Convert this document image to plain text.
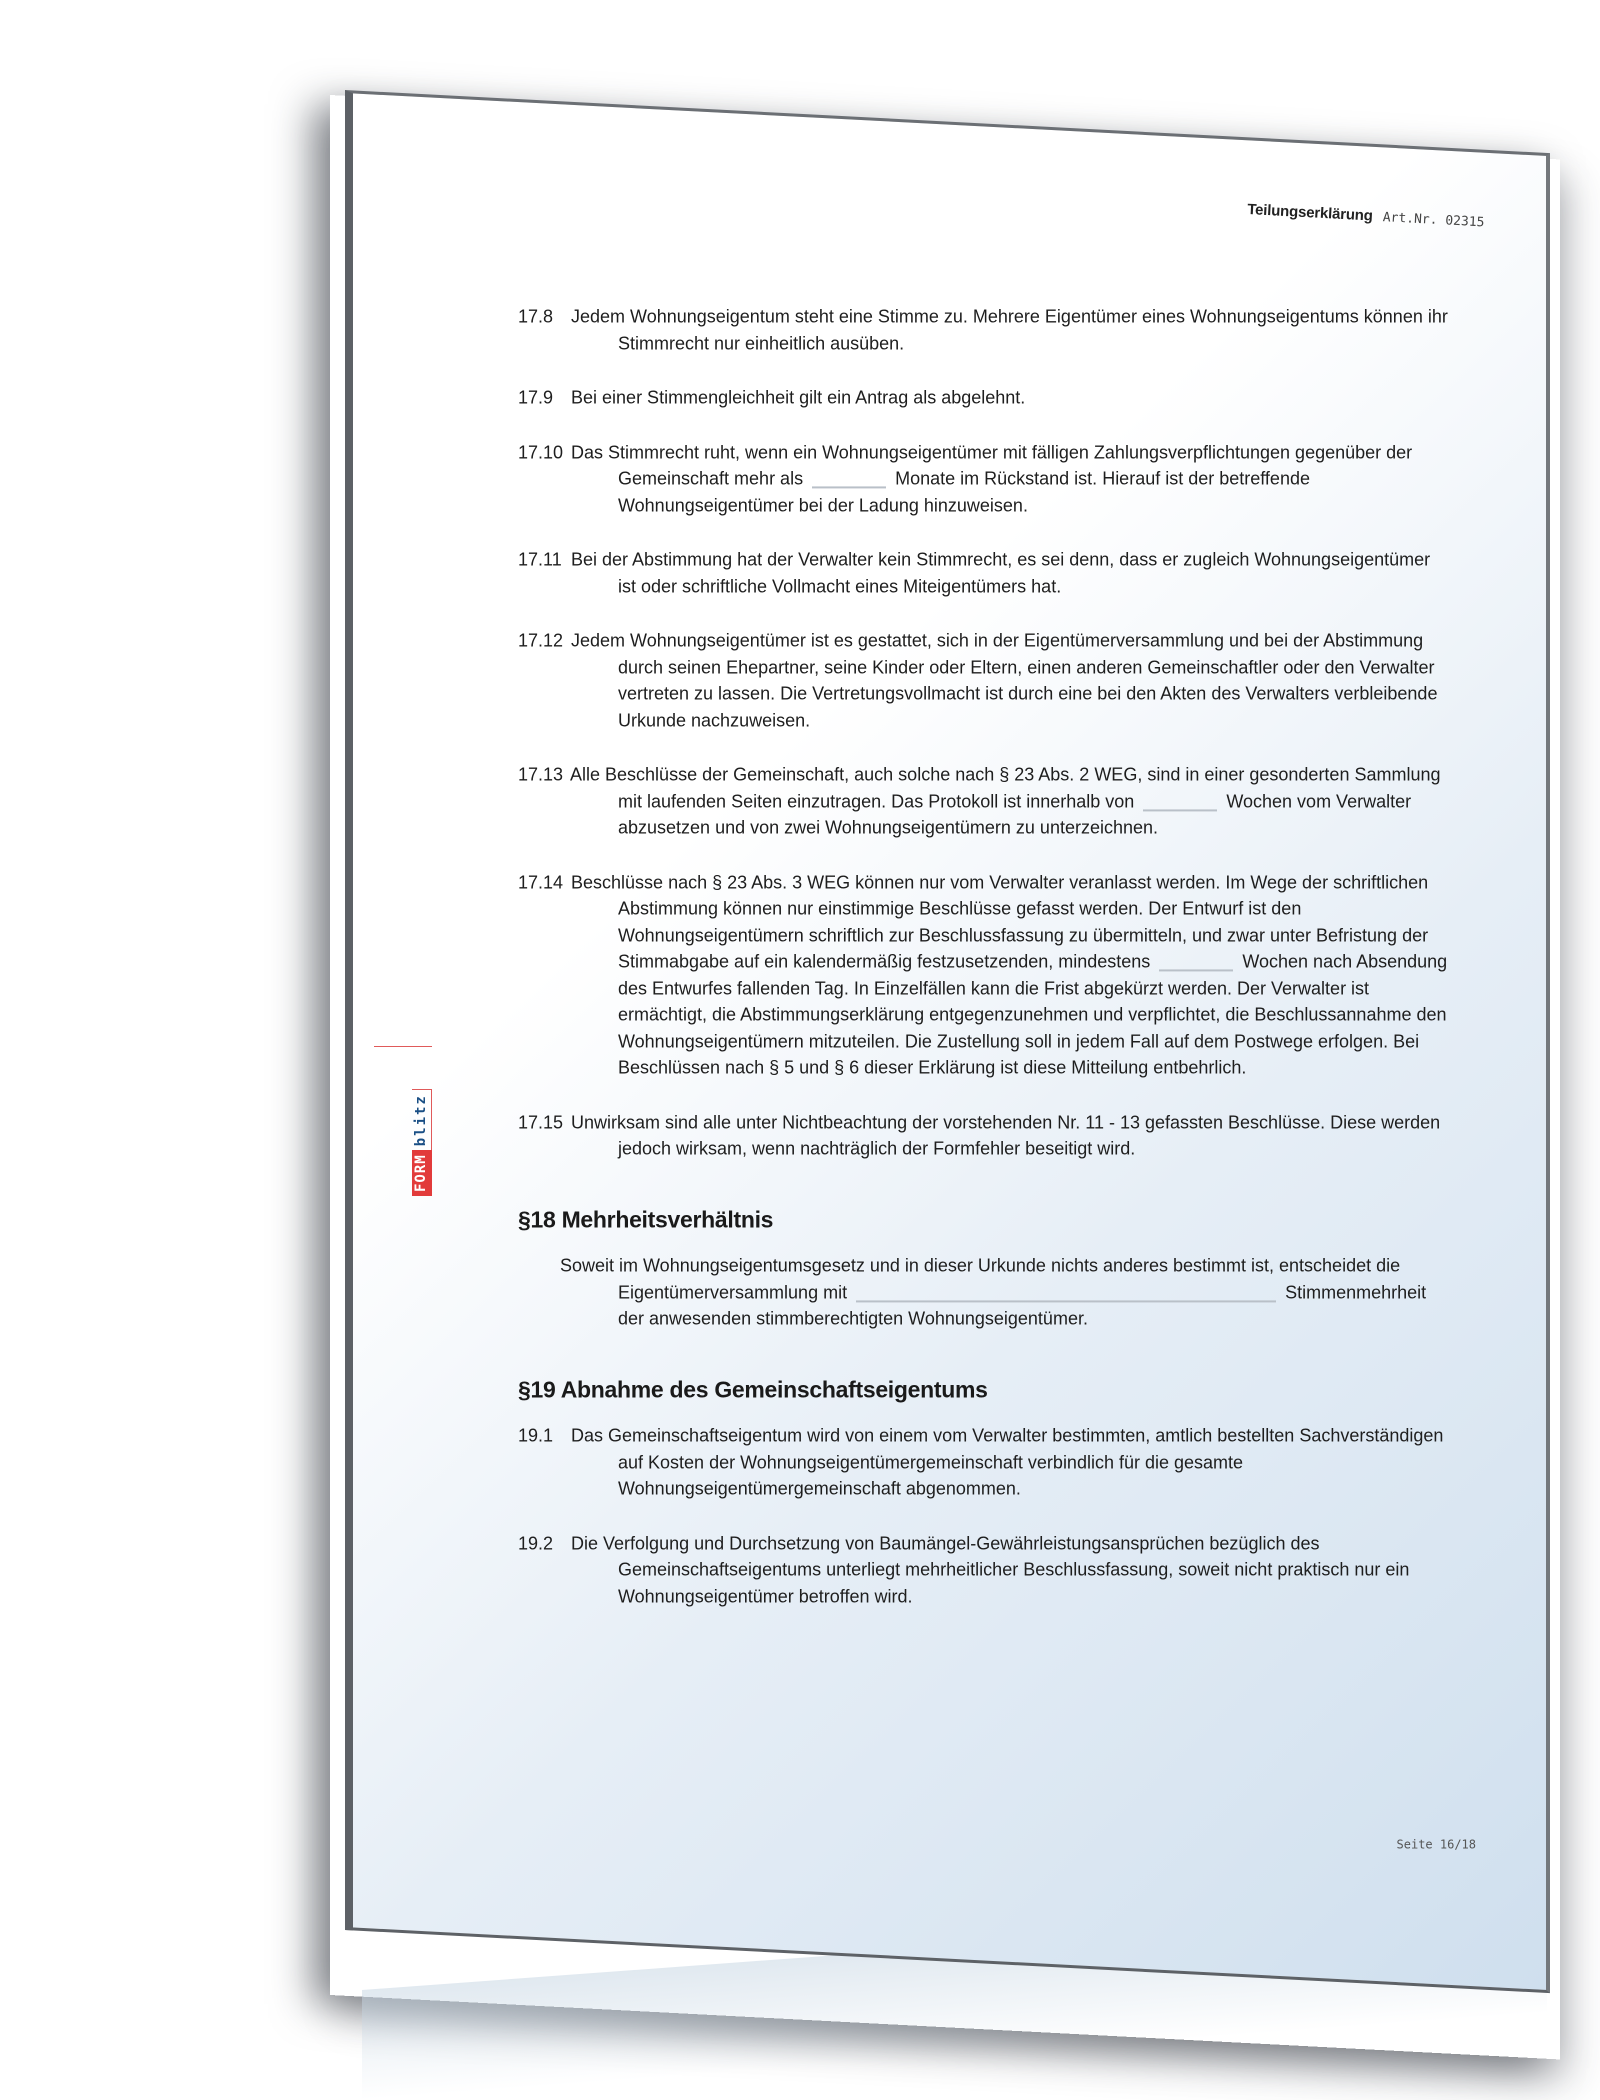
Teilungserklärung Art.Nr. 02315
17.8 Jedem Wohnungseigentum steht eine Stimme zu. Mehrere Eigentümer eines Wohnungseigentums können ihr Stimmrecht nur einheitlich ausüben.
17.9 Bei einer Stimmengleichheit gilt ein Antrag als abgelehnt.
17.10 Das Stimmrecht ruht, wenn ein Wohnungseigentümer mit fälligen Zahlungsverpflichtungen gegenüber der Gemeinschaft mehr als	Monate im Rückstand ist. Hierauf ist der betreffende Wohnungseigentümer bei der Ladung hinzuweisen.
17.11 Bei der Abstimmung hat der Verwalter kein Stimmrecht, es sei denn, dass er zugleich Wohnungseigentümer ist oder schriftliche Vollmacht eines Miteigentümers hat.
17.12 Jedem Wohnungseigentümer ist es gestattet, sich in der Eigentümerversammlung und bei der Abstimmung durch seinen Ehepartner, seine Kinder oder Eltern, einen anderen Gemeinschaftler oder den Verwalter vertreten zu lassen. Die Vertretungsvollmacht ist durch eine bei den Akten des Verwalters verbleibende Urkunde nachzuweisen.
17.13 Alle Beschlüsse der Gemeinschaft, auch solche nach § 23 Abs. 2 WEG, sind in einer gesonderten Sammlung mit laufenden Seiten einzutragen. Das Protokoll ist innerhalb von	Wochen vom Verwalter abzusetzen und von zwei Wohnungseigentümern zu unterzeichnen.
17.14 Beschlüsse nach § 23 Abs. 3 WEG können nur vom Verwalter veranlasst werden. Im Wege der schriftlichen Abstimmung können nur einstimmige Beschlüsse gefasst werden. Der Entwurf ist den Wohnungseigentümern schriftlich zur Beschlussfassung zu übermitteln, und zwar unter Befristung der Stimmabgabe auf ein kalendermäßig festzusetzenden, mindestens	Wochen nach Absendung des Entwurfes fallenden Tag. In Einzelfällen kann die Frist abgekürzt werden. Der Verwalter ist ermächtigt, die Abstimmungserklärung entgegenzunehmen und verpflichtet, die Beschlussannahme den Wohnungseigentümern mitzuteilen. Die Zustellung soll in jedem Fall auf dem Postwege erfolgen. Bei Beschlüssen nach § 5 und § 6 dieser Erklärung ist diese Mitteilung entbehrlich.
17.15 Unwirksam sind alle unter Nichtbeachtung der vorstehenden Nr. 11 - 13 gefassten Beschlüsse. Diese werden jedoch wirksam, wenn nachträglich der Formfehler beseitigt wird.
§18 Mehrheitsverhältnis
Soweit im Wohnungseigentumsgesetz und in dieser Urkunde nichts anderes bestimmt ist, entscheidet die Eigentümerversammlung mit	Stimmenmehrheit der anwesenden stimmberechtigten Wohnungseigentümer.
§19 Abnahme des Gemeinschaftseigentums
19.1 Das Gemeinschaftseigentum wird von einem vom Verwalter bestimmten, amtlich bestellten Sachverständigen auf Kosten der Wohnungseigentümergemeinschaft verbindlich für die gesamte Wohnungseigentümergemeinschaft abgenommen.
19.2 Die Verfolgung und Durchsetzung von Baumängel-Gewährleistungsansprüchen bezüglich des Gemeinschaftseigentums unterliegt mehrheitlicher Beschlussfassung, soweit nicht praktisch nur ein Wohnungseigentümer betroffen wird.
Seite 16/18
FORM
blitz
